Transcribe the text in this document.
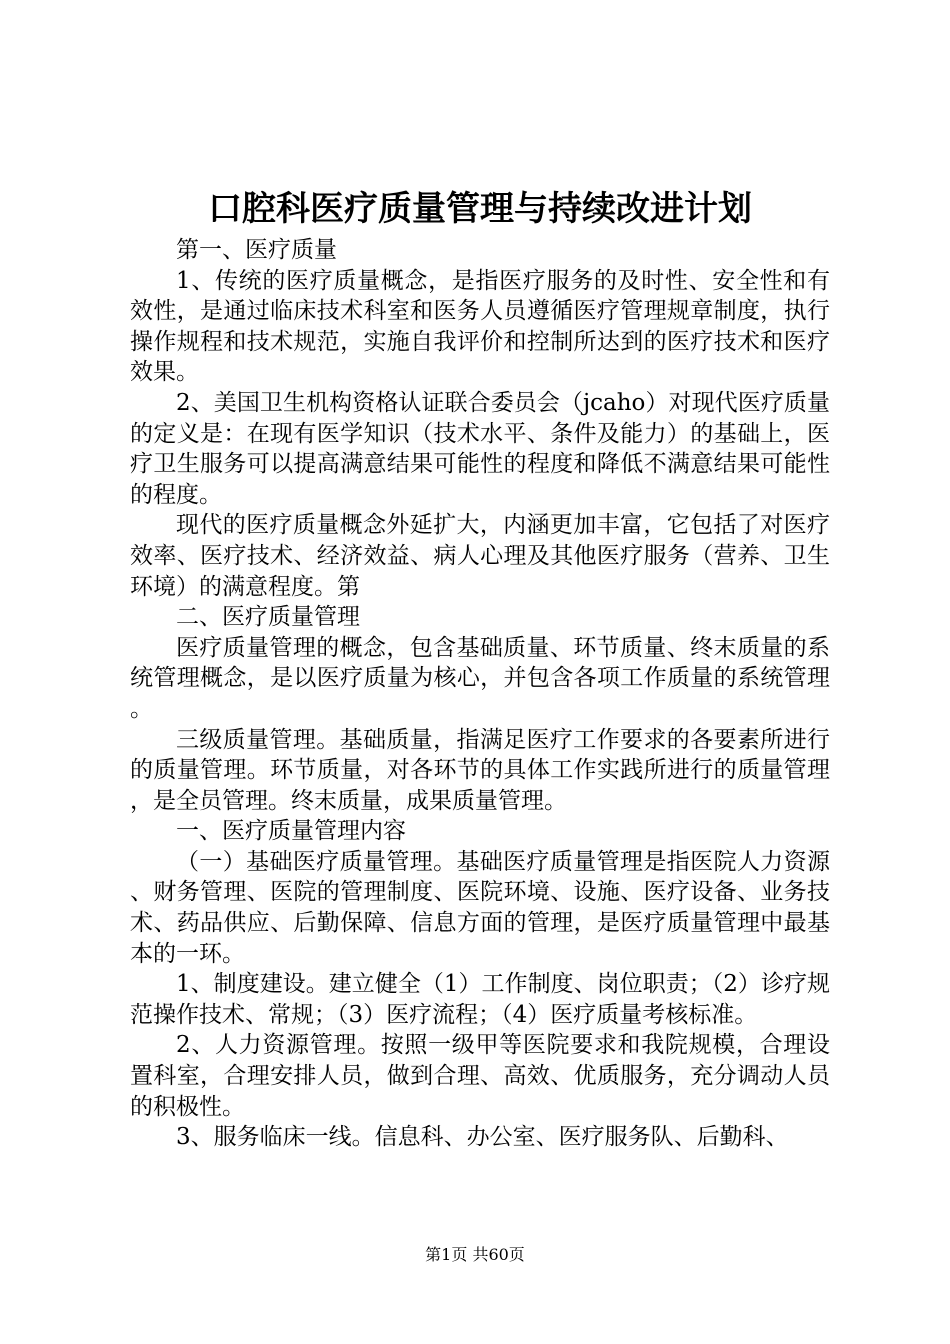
口腔科医疗质量管理与持续改进计划

第一、医疗质量

1、传统的医疗质量概念，是指医疗服务的及时性、安全性和有效性，是通过临床技术科室和医务人员遵循医疗管理规章制度，执行操作规程和技术规范，实施自我评价和控制所达到的医疗技术和医疗效果。

2、美国卫生机构资格认证联合委员会（jcaho）对现代医疗质量的定义是：在现有医学知识（技术水平、条件及能力）的基础上，医疗卫生服务可以提高满意结果可能性的程度和降低不满意结果可能性的程度。

现代的医疗质量概念外延扩大，内涵更加丰富，它包括了对医疗效率、医疗技术、经济效益、病人心理及其他医疗服务（营养、卫生环境）的满意程度。第

二、医疗质量管理

医疗质量管理的概念，包含基础质量、环节质量、终末质量的系统管理概念，是以医疗质量为核心，并包含各项工作质量的系统管理。

三级质量管理。基础质量，指满足医疗工作要求的各要素所进行的质量管理。环节质量，对各环节的具体工作实践所进行的质量管理，是全员管理。终末质量，成果质量管理。

一、医疗质量管理内容

（一）基础医疗质量管理。基础医疗质量管理是指医院人力资源、财务管理、医院的管理制度、医院环境、设施、医疗设备、业务技术、药品供应、后勤保障、信息方面的管理，是医疗质量管理中最基本的一环。

1、制度建设。建立健全（1）工作制度、岗位职责；（2）诊疗规范操作技术、常规；（3）医疗流程；（4）医疗质量考核标准。

2、人力资源管理。按照一级甲等医院要求和我院规模，合理设置科室，合理安排人员，做到合理、高效、优质服务，充分调动人员的积极性。

3、服务临床一线。信息科、办公室、医疗服务队、后勤科、

第1页 共60页
